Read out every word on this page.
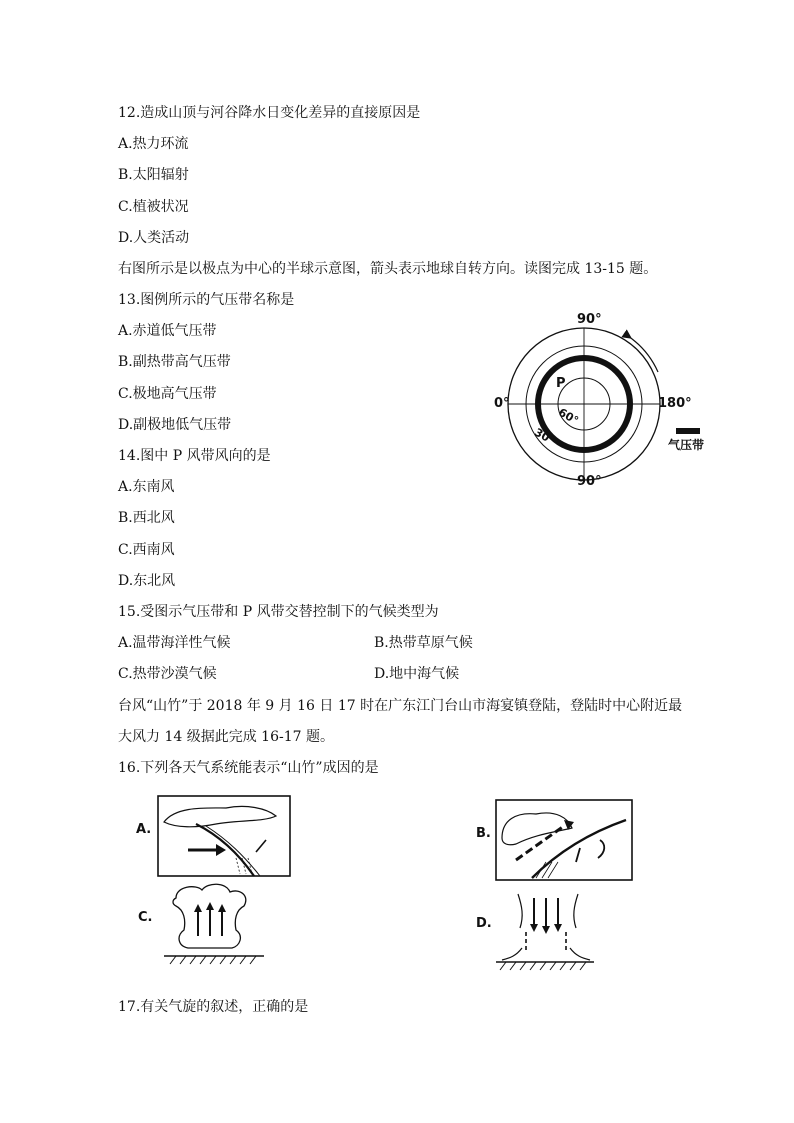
12.造成山顶与河谷降水日变化差异的直接原因是
A.热力环流
B.太阳辐射
C.植被状况
D.人类活动
右图所示是以极点为中心的半球示意图，箭头表示地球自转方向。读图完成 13-15 题。
13.图例所示的气压带名称是
A.赤道低气压带
B.副热带高气压带
C.极地高气压带
D.副极地低气压带
14.图中 P 风带风向的是
A.东南风
B.西北风
C.西南风
D.东北风
15.受图示气压带和 P 风带交替控制下的气候类型为
A.温带海洋性气候	B.热带草原气候
C.热带沙漠气候	D.地中海气候
台风“山竹”于 2018 年 9 月 16 日 17 时在广东江门台山市海宴镇登陆，登陆时中心附近最
大风力 14 级据此完成 16-17 题。
16.下列各天气系统能表示“山竹”成因的是
17.有关气旋的叙述，正确的是
90°
90°
0°	180°
P
60°
30°	气压带
A.	B.
C.	D.
